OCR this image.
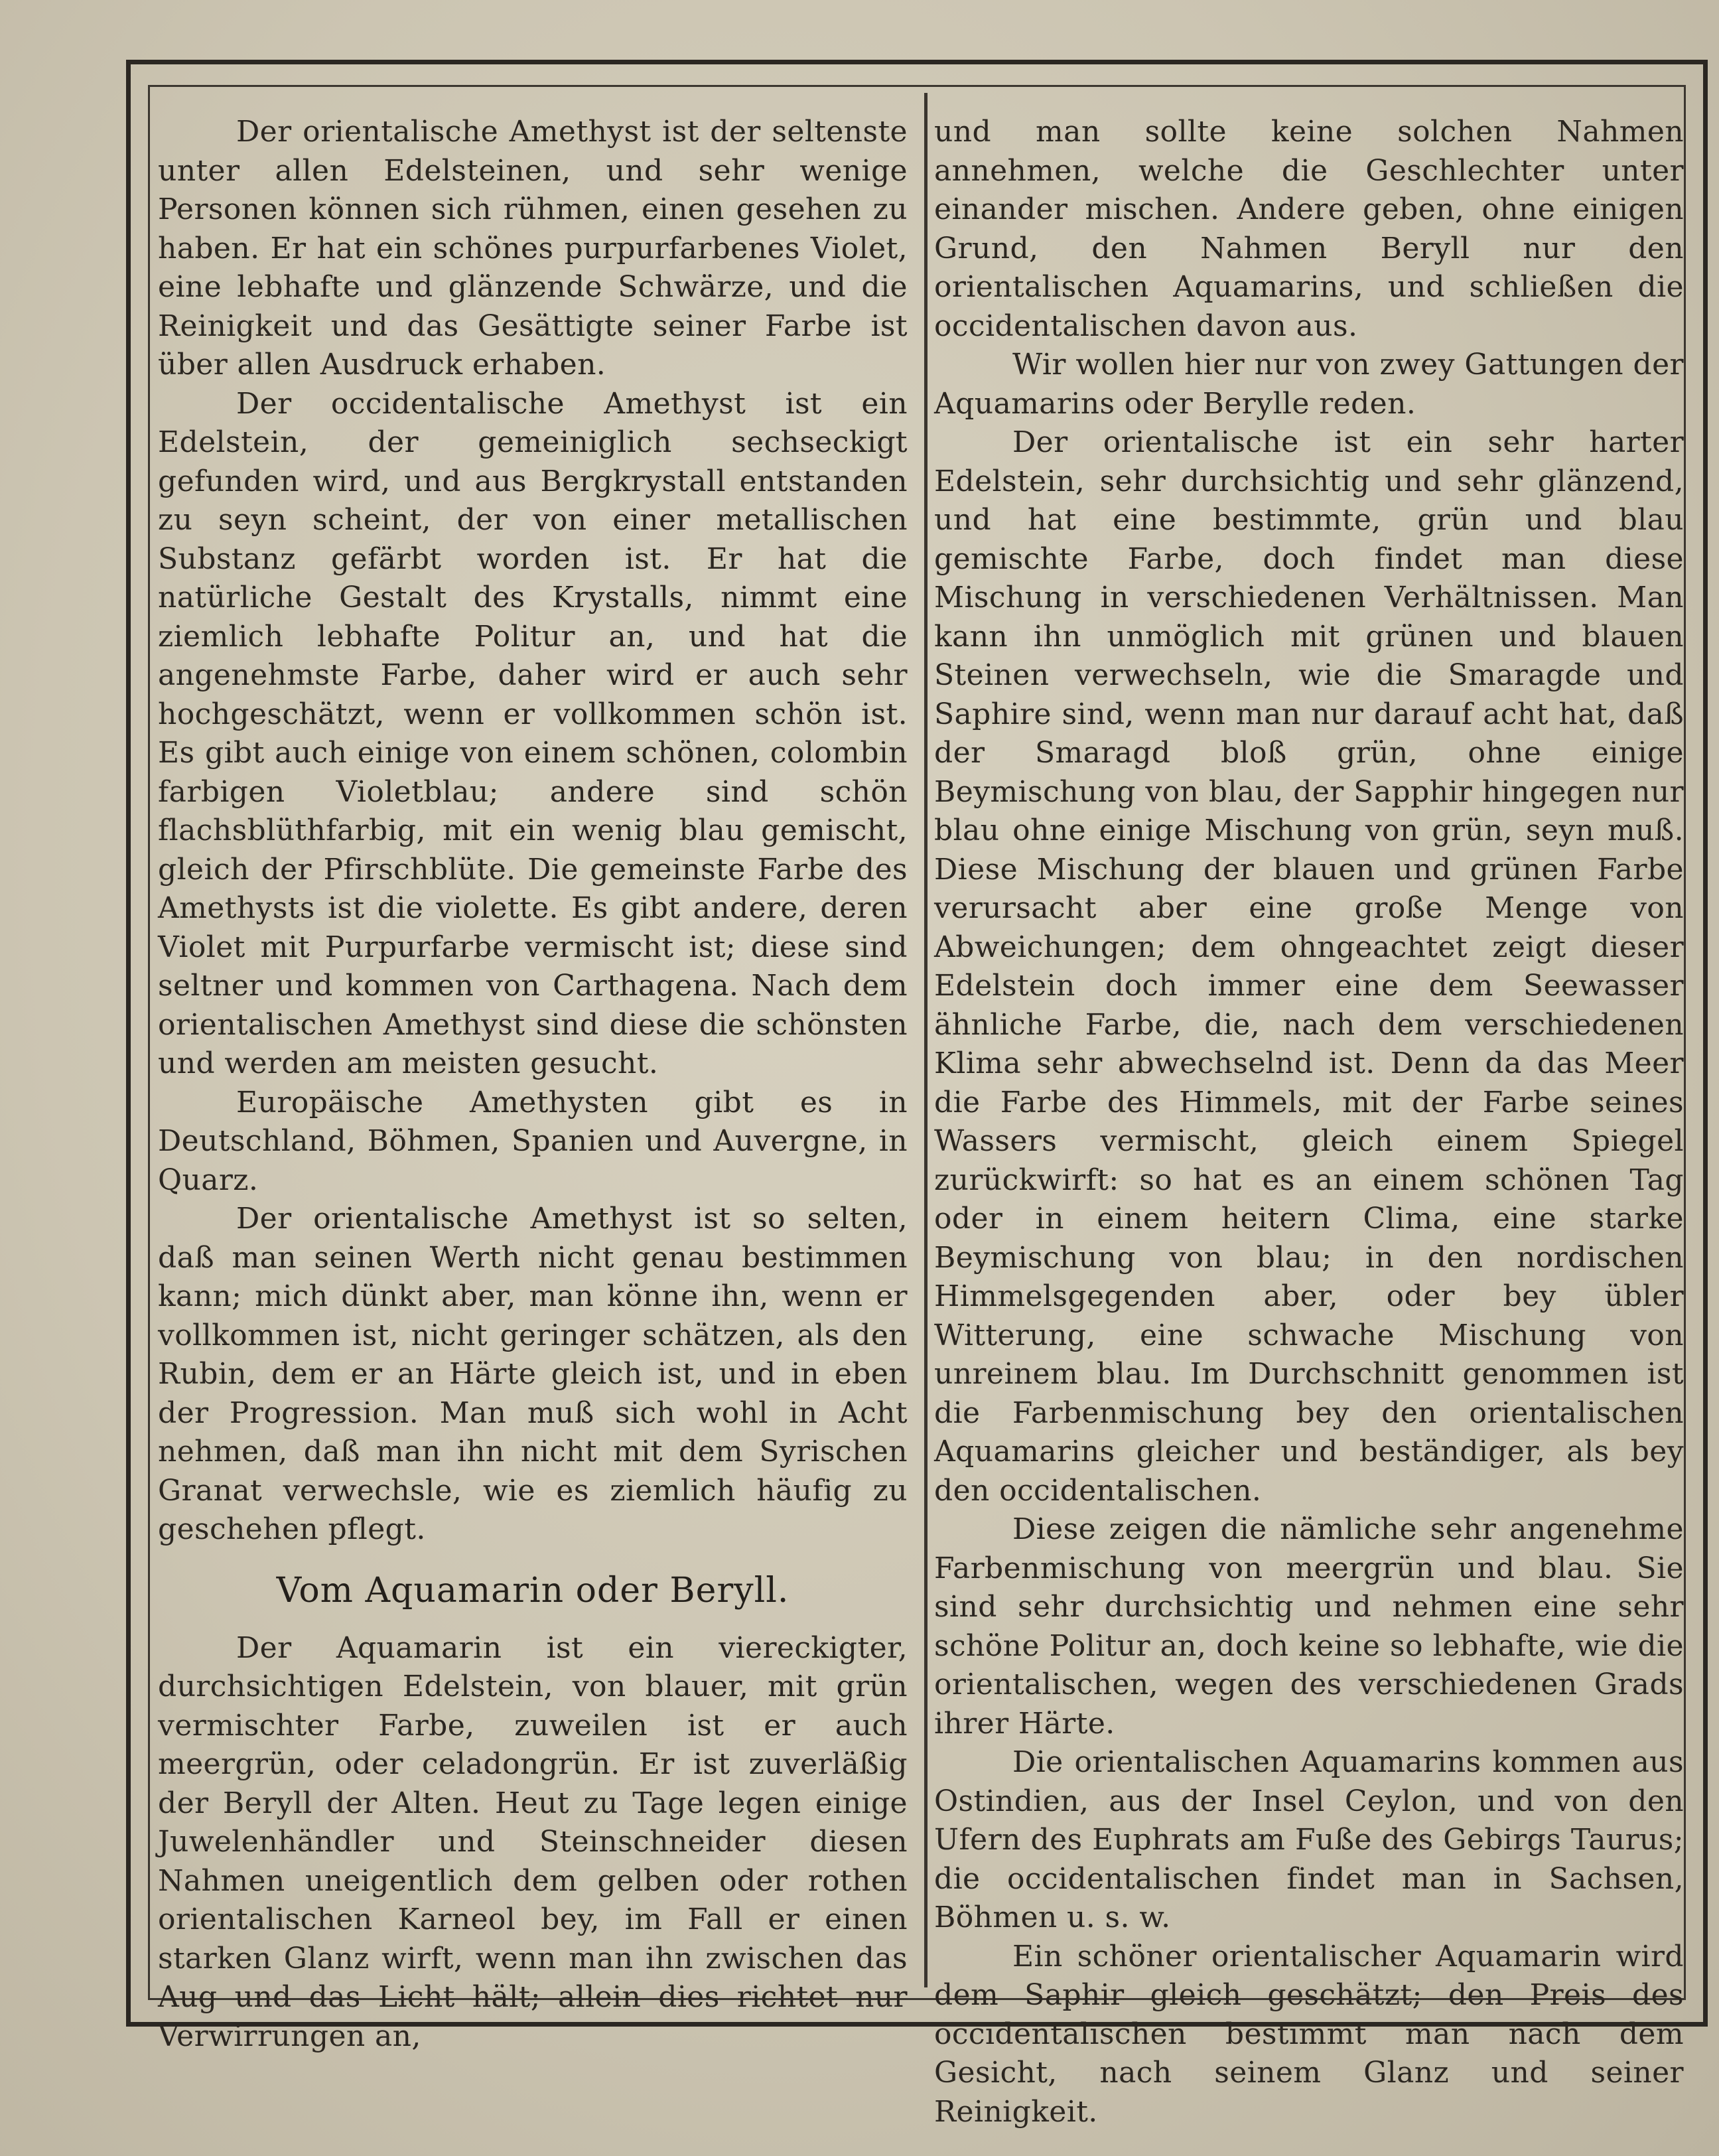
Der orientalische Amethyst ist der seltenste unter allen Edelsteinen, und sehr wenige Personen können sich rühmen, einen gesehen zu haben. Er hat ein schönes purpurfarbenes Violet, eine lebhafte und glänzende Schwärze, und die Reinigkeit und das Gesättigte seiner Farbe ist über allen Ausdruck erhaben.

Der occidentalische Amethyst ist ein Edelstein, der gemeiniglich sechseckigt gefunden wird, und aus Bergkrystall entstanden zu seyn scheint, der von einer metallischen Substanz gefärbt worden ist. Er hat die natürliche Gestalt des Krystalls, nimmt eine ziemlich lebhafte Politur an, und hat die angenehmste Farbe, daher wird er auch sehr hochgeschätzt, wenn er vollkommen schön ist. Es gibt auch einige von einem schönen, colombin farbigen Violetblau; andere sind schön flachsblüthfarbig, mit ein wenig blau gemischt, gleich der Pfirschblüte. Die gemeinste Farbe des Amethysts ist die violette. Es gibt andere, deren Violet mit Purpurfarbe vermischt ist; diese sind seltner und kommen von Carthagena. Nach dem orientalischen Amethyst sind diese die schönsten und werden am meisten gesucht.

Europäische Amethysten gibt es in Deutschland, Böhmen, Spanien und Auvergne, in Quarz.

Der orientalische Amethyst ist so selten, daß man seinen Werth nicht genau bestimmen kann; mich dünkt aber, man könne ihn, wenn er vollkommen ist, nicht geringer schätzen, als den Rubin, dem er an Härte gleich ist, und in eben der Progression. Man muß sich wohl in Acht nehmen, daß man ihn nicht mit dem Syrischen Granat verwechsle, wie es ziemlich häufig zu geschehen pflegt.

Vom Aquamarin oder Beryll.

Der Aquamarin ist ein viereckigter, durchsichtigen Edelstein, von blauer, mit grün vermischter Farbe, zuweilen ist er auch meergrün, oder celadongrün. Er ist zuverläßig der Beryll der Alten. Heut zu Tage legen einige Juwelenhändler und Steinschneider diesen Nahmen uneigentlich dem gelben oder rothen orientalischen Karneol bey, im Fall er einen starken Glanz wirft, wenn man ihn zwischen das Aug und das Licht hält; allein dies richtet nur Verwirrungen an,

und man sollte keine solchen Nahmen annehmen, welche die Geschlechter unter einander mischen. Andere geben, ohne einigen Grund, den Nahmen Beryll nur den orientalischen Aquamarins, und schließen die occidentalischen davon aus.

Wir wollen hier nur von zwey Gattungen der Aquamarins oder Berylle reden.

Der orientalische ist ein sehr harter Edelstein, sehr durchsichtig und sehr glänzend, und hat eine bestimmte, grün und blau gemischte Farbe, doch findet man diese Mischung in verschiedenen Verhältnissen. Man kann ihn unmöglich mit grünen und blauen Steinen verwechseln, wie die Smaragde und Saphire sind, wenn man nur darauf acht hat, daß der Smaragd bloß grün, ohne einige Beymischung von blau, der Sapphir hingegen nur blau ohne einige Mischung von grün, seyn muß. Diese Mischung der blauen und grünen Farbe verursacht aber eine große Menge von Abweichungen; dem ohngeachtet zeigt dieser Edelstein doch immer eine dem Seewasser ähnliche Farbe, die, nach dem verschiedenen Klima sehr abwechselnd ist. Denn da das Meer die Farbe des Himmels, mit der Farbe seines Wassers vermischt, gleich einem Spiegel zurückwirft: so hat es an einem schönen Tag oder in einem heitern Clima, eine starke Beymischung von blau; in den nordischen Himmelsgegenden aber, oder bey übler Witterung, eine schwache Mischung von unreinem blau. Im Durchschnitt genommen ist die Farbenmischung bey den orientalischen Aquamarins gleicher und beständiger, als bey den occidentalischen.

Diese zeigen die nämliche sehr angenehme Farbenmischung von meergrün und blau. Sie sind sehr durchsichtig und nehmen eine sehr schöne Politur an, doch keine so lebhafte, wie die orientalischen, wegen des verschiedenen Grads ihrer Härte.

Die orientalischen Aquamarins kommen aus Ostindien, aus der Insel Ceylon, und von den Ufern des Euphrats am Fuße des Gebirgs Taurus; die occidentalischen findet man in Sachsen, Böhmen u. s. w.

Ein schöner orientalischer Aquamarin wird dem Saphir gleich geschätzt; den Preis des occidentalischen bestimmt man nach dem Gesicht, nach seinem Glanz und seiner Reinigkeit.
